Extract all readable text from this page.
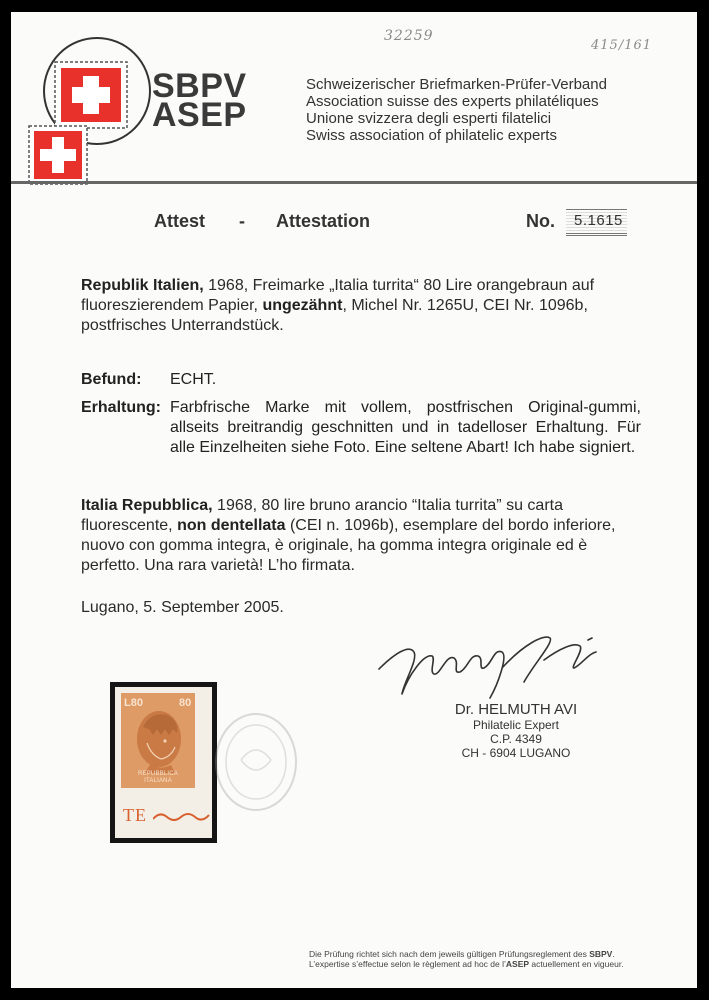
SBPV
ASEP
Schweizerischer Briefmarken-Prüfer-Verband
Association suisse des experts philatéliques
Unione svizzera degli esperti filatelici
Swiss association of philatelic experts
32259
415/161
Attest - Attestation	No.	5.1615
Republik Italien, 1968, Freimarke „Italia turrita“ 80 Lire orangebraun auf fluoreszierendem Papier, ungezähnt, Michel Nr. 1265U, CEI Nr. 1096b, postfrisches Unterrandstück.
Befund:	ECHT.
Erhaltung: Farbfrische Marke mit vollem, postfrischen Original-gummi, allseits breitrandig geschnitten und in tadelloser Erhaltung. Für alle Einzelheiten siehe Foto. Eine seltene Abart! Ich habe signiert.
Italia Repubblica, 1968, 80 lire bruno arancio “Italia turrita” su carta fluorescente, non dentellata (CEI n. 1096b), esemplare del bordo inferiore, nuovo con gomma integra, è originale, ha gomma integra originale ed è perfetto. Una rara varietà! L’ho firmata.
Lugano, 5. September 2005.
Dr. HELMUTH AVI
Philatelic Expert
C.P. 4349
CH - 6904 LUGANO
L80	80
REPUBBLICA
ITALIANA
TE
Die Prüfung richtet sich nach dem jeweils gültigen Prüfungsreglement des SBPV.
L’expertise s’effectue selon le règlement ad hoc de l’ASEP actuellement en vigueur.
